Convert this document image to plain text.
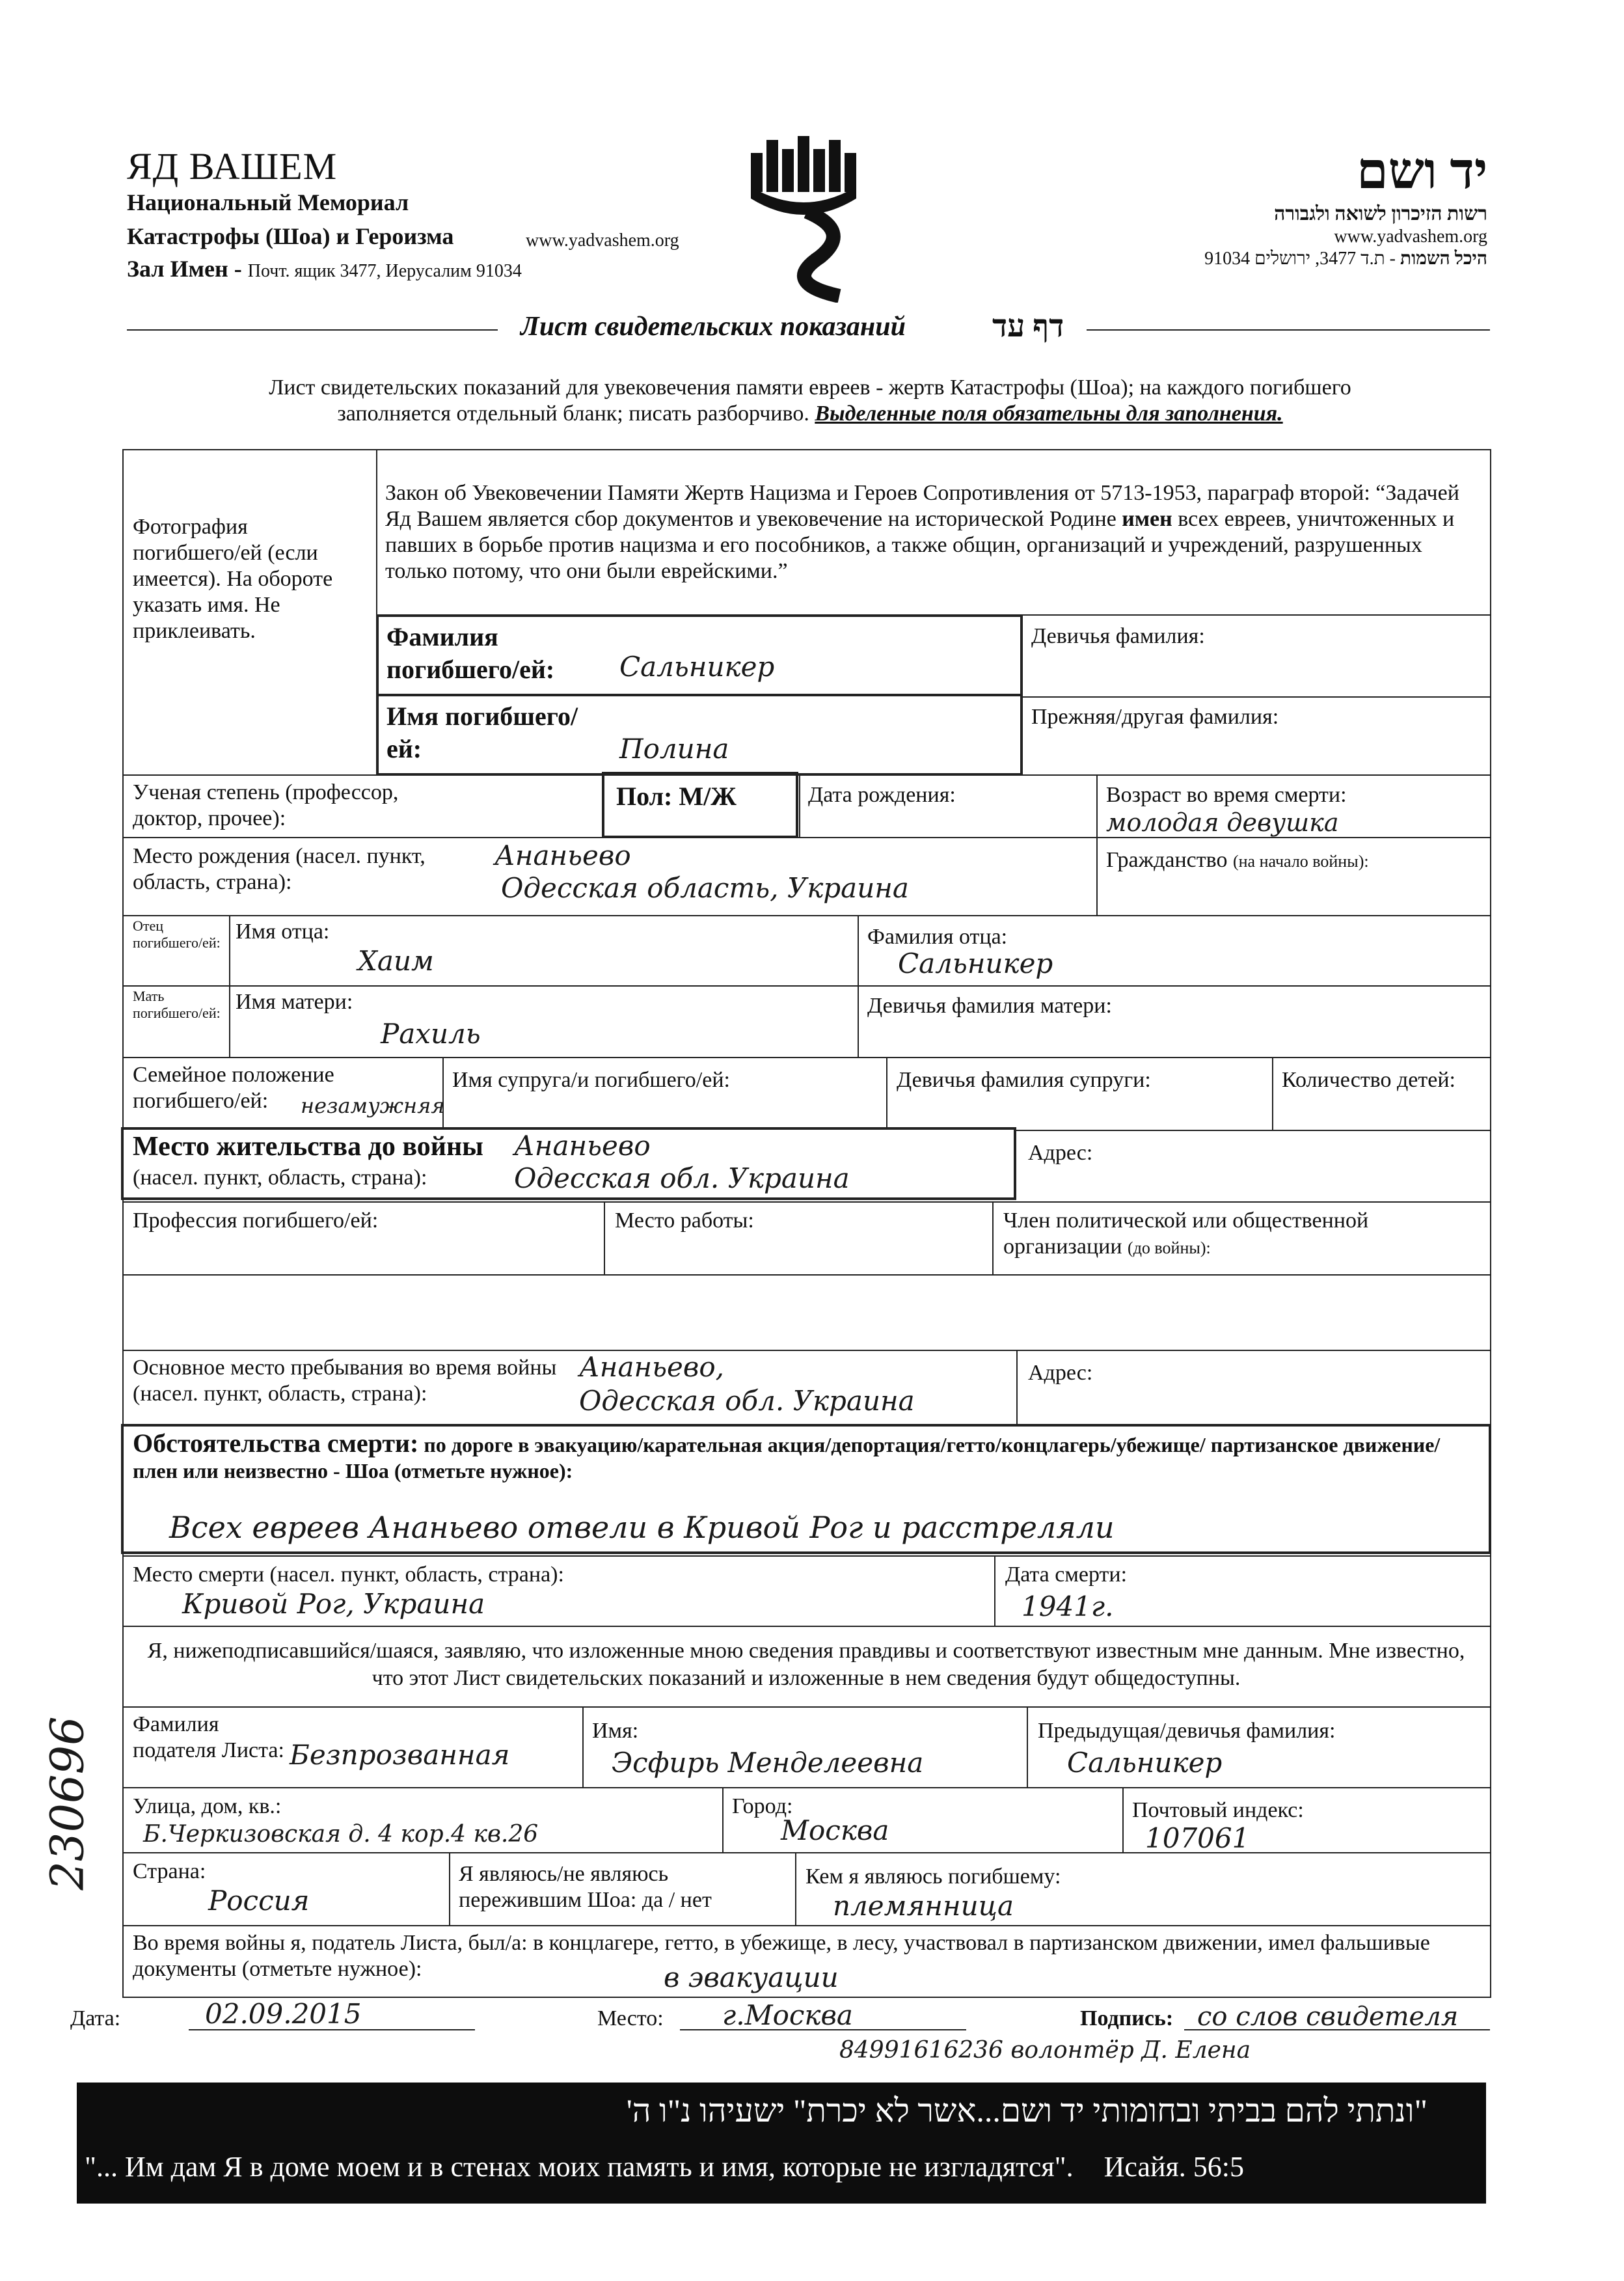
ЯД ВАШЕМ
Национальный Мемориал
Катастрофы (Шоа) и Героизма	www.yadvashem.org
Зал Имен - Почт. ящик 3477, Иерусалим 91034
יד ושם
רשות הזיכרון לשואה ולגבורה
www.yadvashem.org
היכל השמות - ת.ד 3477, ירושלים 91034
Лист свидетельских показаний	דף עד
Лист свидетельских показаний для увековечения памяти евреев - жертв Катастрофы (Шоа); на каждого погибшего
заполняется отдельный бланк; писать разборчиво. Выделенные поля обязательны для заполнения.
Фотография погибшего/ей (если имеется). На обороте указать имя. Не приклеивать.
Закон об Увековечении Памяти Жертв Нацизма и Героев Сопротивления от 5713-1953, параграф второй: “Задачей Яд Вашем является сбор документов и увековечение на исторической Родине имен всех евреев, уничтоженных и павших в борьбе против нацизма и его пособников, а также общин, организаций и учреждений, разрушенных только потому, что они были еврейскими.”
Фамилия погибшего/ей:	Сальникер
Девичья фамилия:
Имя погибшего/ей:	Полина
Прежняя/другая фамилия:
Ученая степень (профессор, доктор, прочее):
Пол: М/Ж	Дата рождения:	Возраст во время смерти:
молодая девушка
Место рождения (насел. пункт, область, страна):
Ананьево
Одесская область, Украина
Гражданство (на начало войны):
Отец погибшего/ей: Имя отца:
Хаим
Фамилия отца:
Сальникер
Мать погибшего/ей: Имя матери:
Рахиль
Девичья фамилия матери:
Семейное положение погибшего/ей:	незамужняя
Имя супруга/и погибшего/ей:	Девичья фамилия супруги:	Количество детей:
Место жительства до войны
(насел. пункт, область, страна):
Ананьево
Одесская обл. Украина
Адрес:
Профессия погибшего/ей:	Место работы:	Член политической или общественной организации (до войны):
Основное место пребывания во время войны (насел. пункт, область, страна):
Ананьево,
Одесская обл. Украина
Адрес:
Обстоятельства смерти: по дороге в эвакуацию/карательная акция/депортация/гетто/концлагерь/убежище/ партизанское движение/плен или неизвестно - Шоа (отметьте нужное):
Всех евреев Ананьево отвели в Кривой Рог и расстреляли
Место смерти (насел. пункт, область, страна):
Кривой Рог, Украина
Дата смерти:
1941г.
Я, нижеподписавшийся/шаяся, заявляю, что изложенные мною сведения правдивы и соответствуют известным мне данным. Мне известно, что этот Лист свидетельских показаний и изложенные в нем сведения будут общедоступны.
Фамилия подателя Листа: Безпрозванная
Имя:
Эсфирь Менделеевна
Предыдущая/девичья фамилия:
Сальникер
Улица, дом, кв.:
Б.Черкизовская д. 4 кор.4 кв.26
Город:
Москва
Почтовый индекс:
107061
Страна:
Россия
Я являюсь/не являюсь пережившим Шоа: да / нет
Кем я являюсь погибшему:
племянница
Во время войны я, податель Листа, был/а: в концлагере, гетто, в убежище, в лесу, участвовал в партизанском движении, имел фальшивые документы (отметьте нужное):	в эвакуации
Дата:	02.09.2015	Место: г.Москва	Подпись: со слов свидетеля
84991616236 волонтёр Д. Елена
230696
"ונתתי להם בביתי ובחומותי יד ושם...אשר לא יכרת" ישעיהו נ"ו ה'
"... Им дам Я в доме моем и в стенах моих память и имя, которые не изгладятся". Исайя. 56:5
